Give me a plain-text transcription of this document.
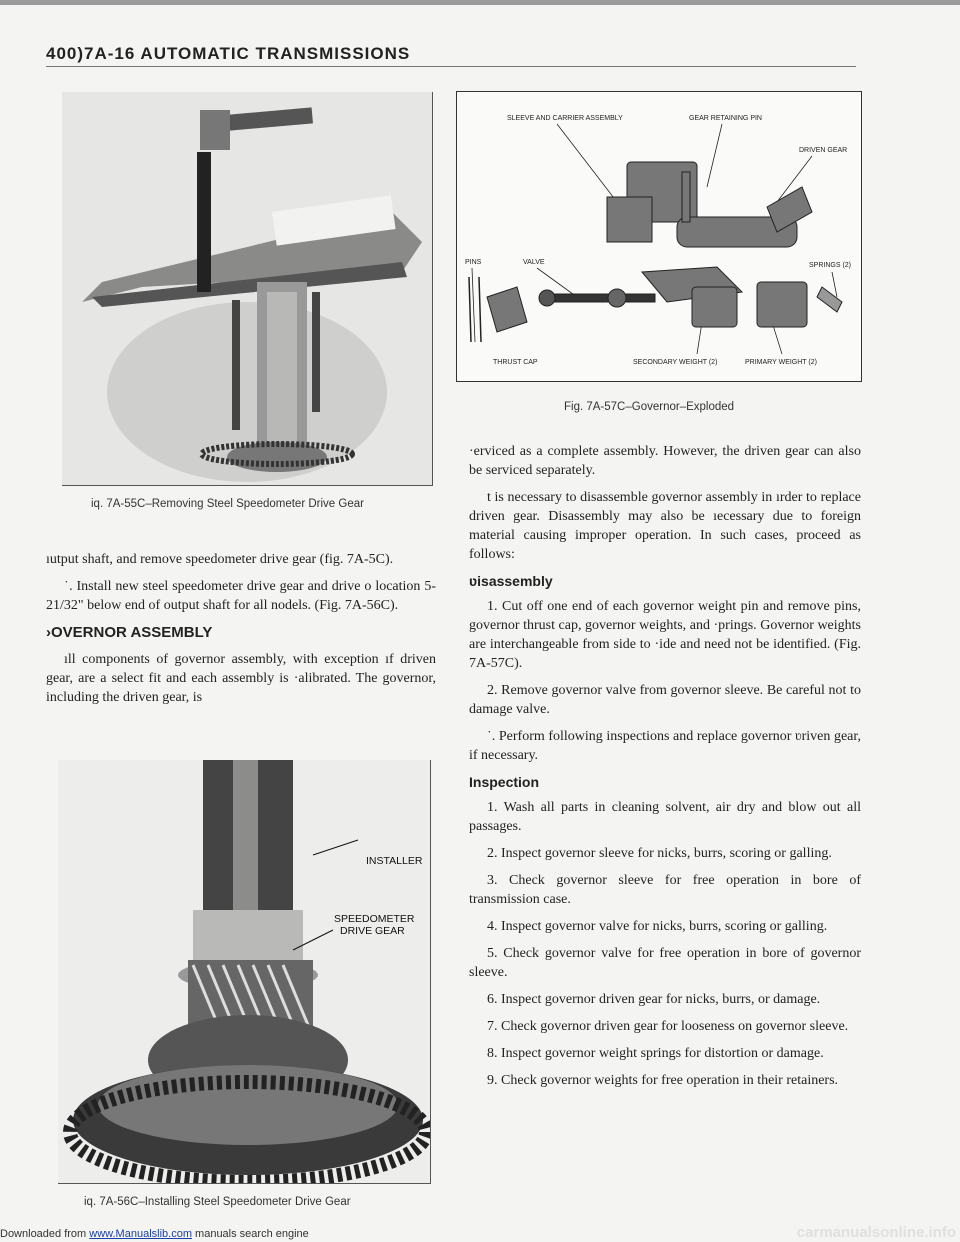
400)7A-16 AUTOMATIC TRANSMISSIONS
iq. 7A-55C–Removing Steel Speedometer Drive Gear

ıutput shaft, and remove speedometer drive gear (fig. 7A-5C).

˙. Install new steel speedometer drive gear and drive o location 5-21/32" below end of output shaft for all nodels. (Fig. 7A-56C).

›OVERNOR ASSEMBLY

ıll components of governor assembly, with exception ıf driven gear, are a select fit and each assembly is ·alibrated. The governor, including the driven gear, is

INSTALLER
SPEEDOMETER
DRIVE GEAR
iq. 7A-56C–Installing Steel Speedometer Drive Gear
SLEEVE AND CARRIER ASSEMBLY	GEAR RETAINING PIN
DRIVEN GEAR
PINS	VALVE	SPRINGS (2)
THRUST CAP	SECONDARY WEIGHT (2)	PRIMARY WEIGHT (2)
Fig. 7A-57C–Governor–Exploded

·erviced as a complete assembly. However, the driven gear can also be serviced separately.

t is necessary to disassemble governor assembly in ırder to replace driven gear. Disassembly may also be ıecessary due to foreign material causing improper operation. In such cases, proceed as follows:

ʋisassembly

1. Cut off one end of each governor weight pin and remove pins, governor thrust cap, governor weights, and ·prings. Governor weights are interchangeable from side to ·ide and need not be identified. (Fig. 7A-57C).

2. Remove governor valve from governor sleeve. Be careful not to damage valve.

˙. Perform following inspections and replace governor ʋriven gear, if necessary.

Inspection

1. Wash all parts in cleaning solvent, air dry and blow out all passages.

2. Inspect governor sleeve for nicks, burrs, scoring or galling.

3. Check governor sleeve for free operation in bore of transmission case.

4. Inspect governor valve for nicks, burrs, scoring or galling.

5. Check governor valve for free operation in bore of governor sleeve.

6. Inspect governor driven gear for nicks, burrs, or damage.

7. Check governor driven gear for looseness on governor sleeve.

8. Inspect governor weight springs for distortion or damage.

9. Check governor weights for free operation in their retainers.

Downloaded from www.Manualslib.com manuals search engine	carmanualsonline.info
